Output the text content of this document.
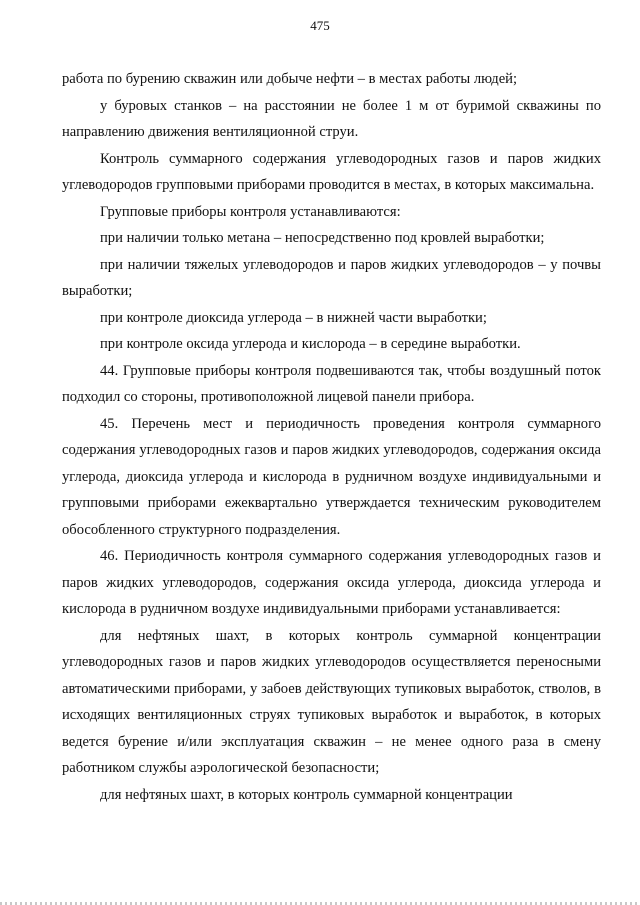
475

работа по бурению скважин или добыче нефти – в местах работы людей;

у буровых станков – на расстоянии не более 1 м от буримой скважины по направлению движения вентиляционной струи.

Контроль суммарного содержания углеводородных газов и паров жидких углеводородов групповыми приборами проводится в местах, в которых максимальна.

Групповые приборы контроля устанавливаются:

при наличии только метана – непосредственно под кровлей выработки;

при наличии тяжелых углеводородов и паров жидких углеводородов – у почвы выработки;

при контроле диоксида углерода – в нижней части выработки;

при контроле оксида углерода и кислорода – в середине выработки.

44. Групповые приборы контроля подвешиваются так, чтобы воздушный поток подходил со стороны, противоположной лицевой панели прибора.

45. Перечень мест и периодичность проведения контроля суммарного содержания углеводородных газов и паров жидких углеводородов, содержания оксида углерода, диоксида углерода и кислорода в рудничном воздухе индивидуальными и групповыми приборами ежеквартально утверждается техническим руководителем обособленного структурного подразделения.

46. Периодичность контроля суммарного содержания углеводородных газов и паров жидких углеводородов, содержания оксида углерода, диоксида углерода и кислорода в рудничном воздухе индивидуальными приборами устанавливается:

для нефтяных шахт, в которых контроль суммарной концентрации углеводородных газов и паров жидких углеводородов осуществляется переносными автоматическими приборами, у забоев действующих тупиковых выработок, стволов, в исходящих вентиляционных струях тупиковых выработок и выработок, в которых ведется бурение и/или эксплуатация скважин – не менее одного раза в смену работником службы аэрологической безопасности;

для нефтяных шахт, в которых контроль суммарной концентрации
